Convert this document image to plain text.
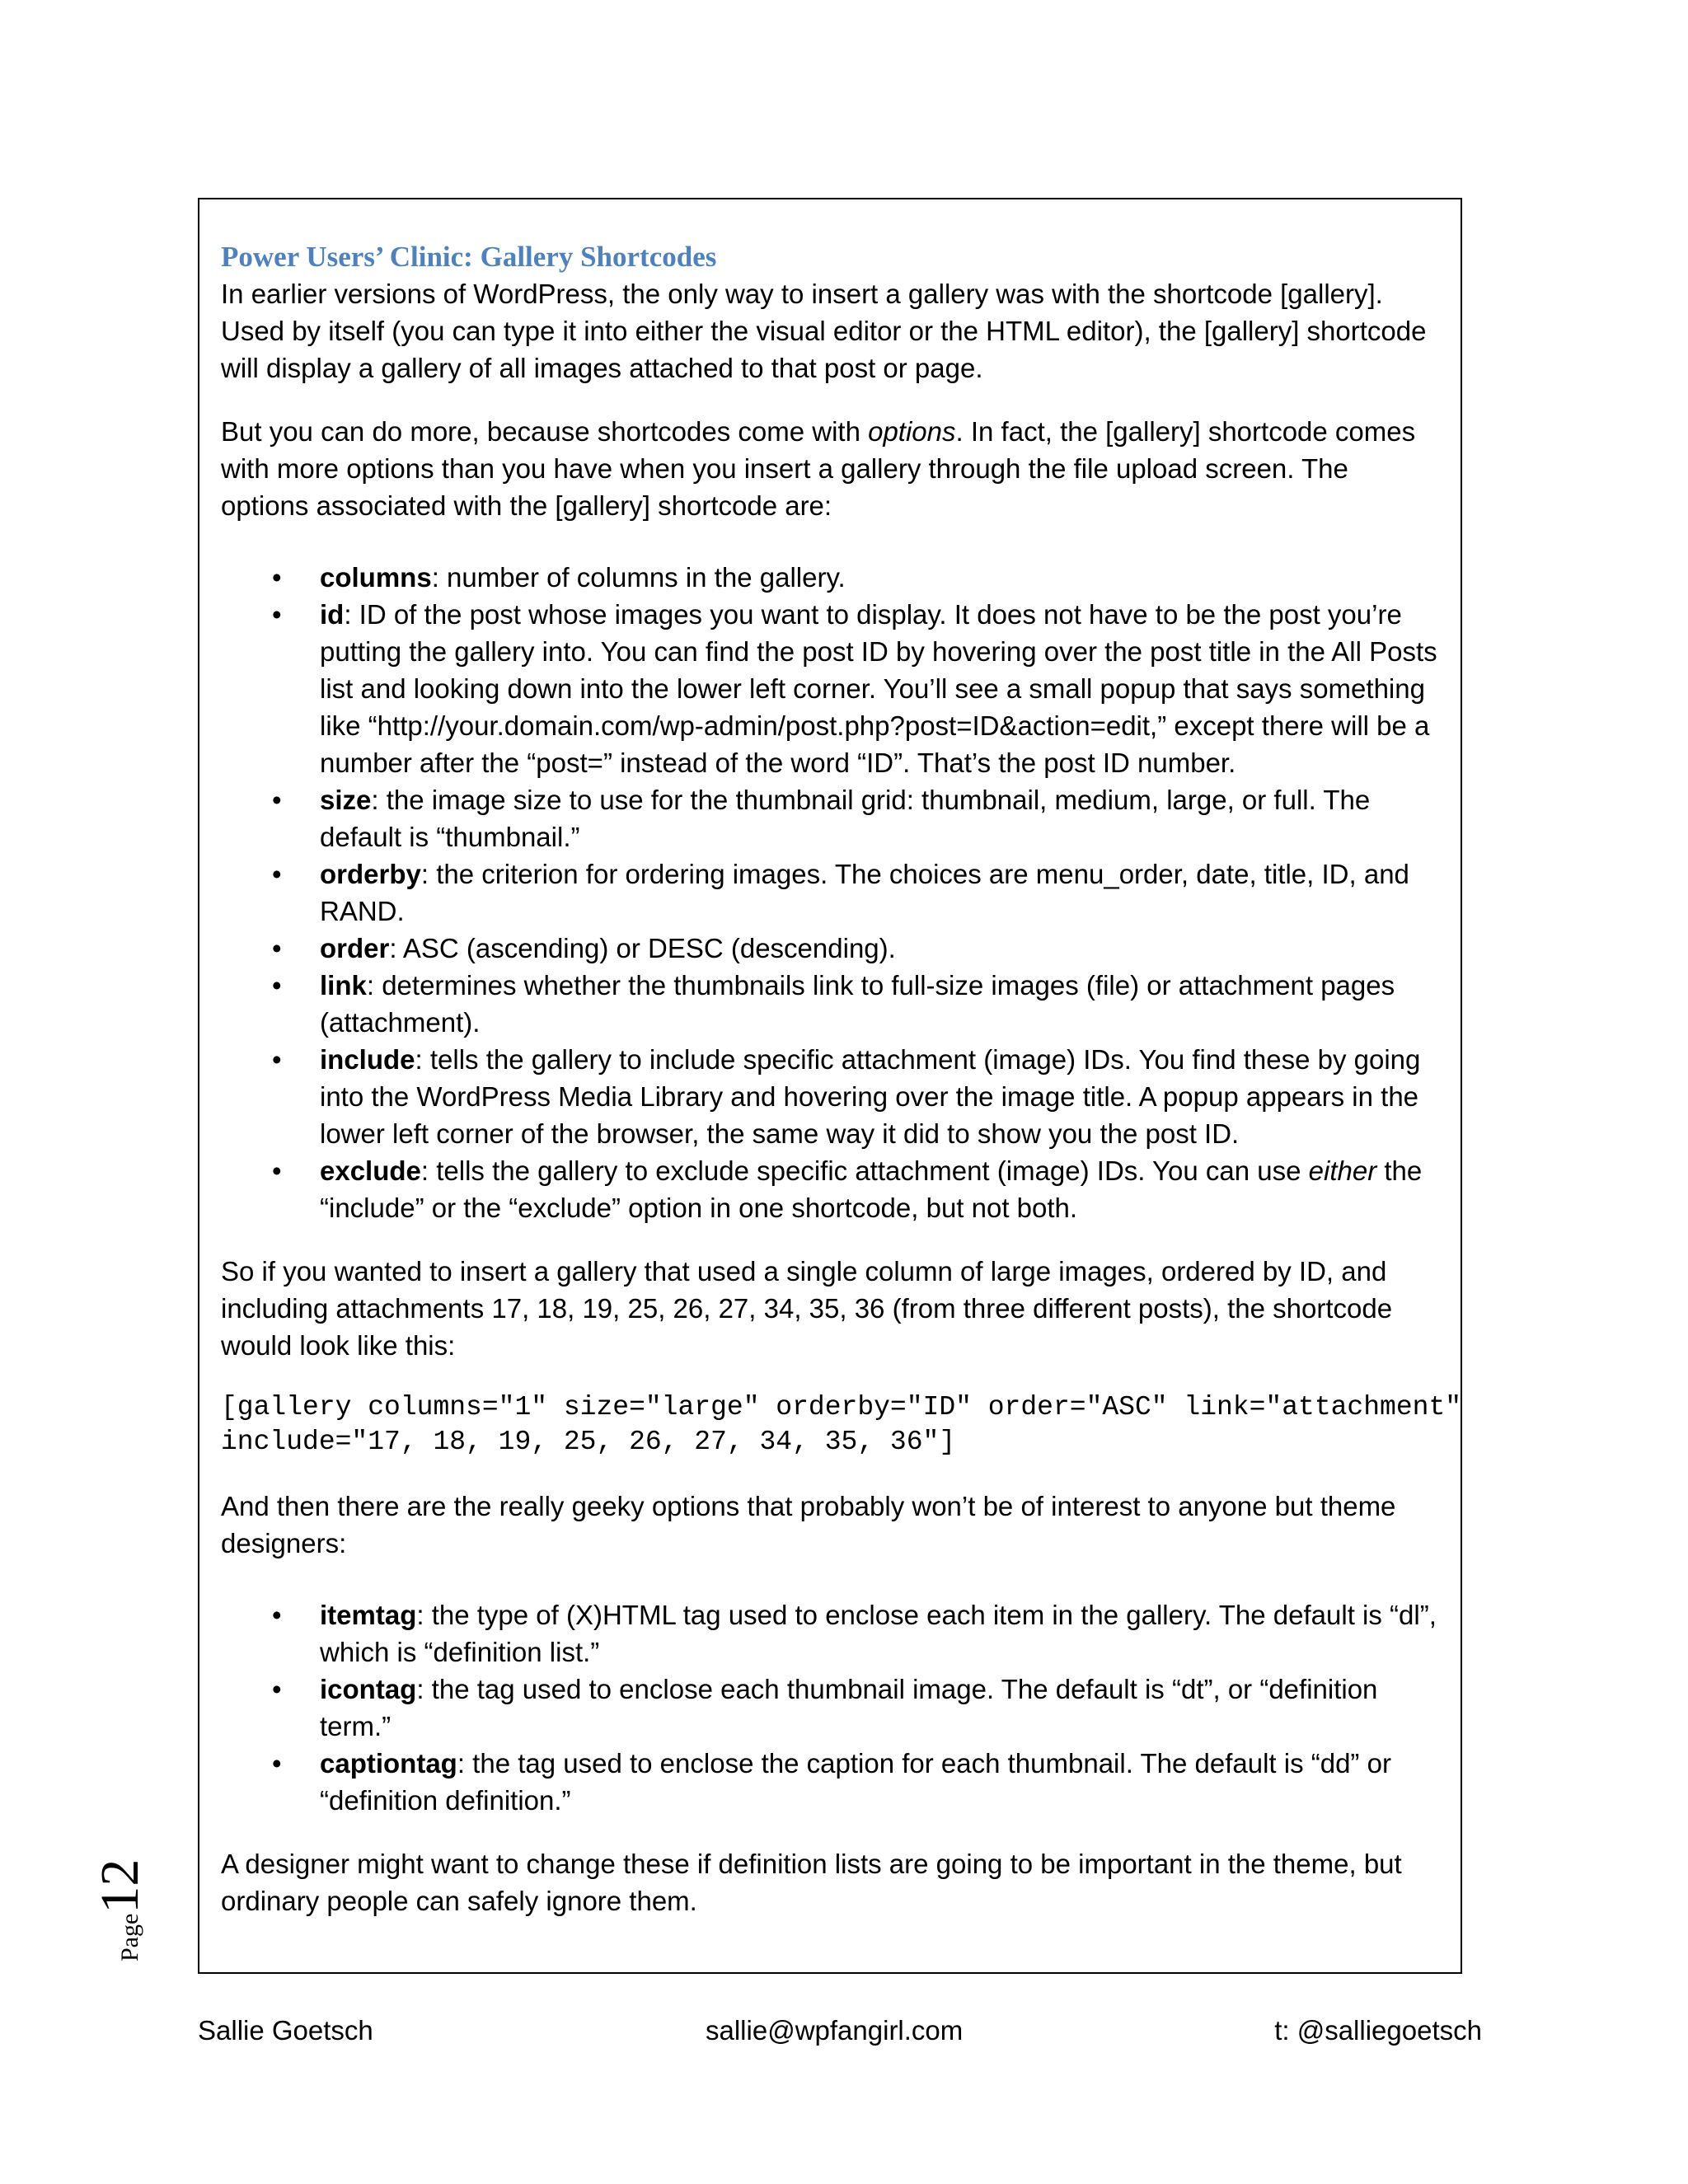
Power Users’ Clinic: Gallery Shortcodes

In earlier versions of WordPress, the only way to insert a gallery was with the shortcode [gallery]. Used by itself (you can type it into either the visual editor or the HTML editor), the [gallery] shortcode will display a gallery of all images attached to that post or page.

But you can do more, because shortcodes come with options. In fact, the [gallery] shortcode comes with more options than you have when you insert a gallery through the file upload screen. The options associated with the [gallery] shortcode are:

• columns: number of columns in the gallery.
• id: ID of the post whose images you want to display. It does not have to be the post you’re putting the gallery into. You can find the post ID by hovering over the post title in the All Posts list and looking down into the lower left corner. You’ll see a small popup that says something like “http://your.domain.com/wp-admin/post.php?post=ID&action=edit,” except there will be a number after the “post=” instead of the word “ID”. That’s the post ID number.
• size: the image size to use for the thumbnail grid: thumbnail, medium, large, or full. The default is “thumbnail.”
• orderby: the criterion for ordering images. The choices are menu_order, date, title, ID, and RAND.
• order: ASC (ascending) or DESC (descending).
• link: determines whether the thumbnails link to full-size images (file) or attachment pages (attachment).
• include: tells the gallery to include specific attachment (image) IDs. You find these by going into the WordPress Media Library and hovering over the image title. A popup appears in the lower left corner of the browser, the same way it did to show you the post ID.
• exclude: tells the gallery to exclude specific attachment (image) IDs. You can use either the “include” or the “exclude” option in one shortcode, but not both.

So if you wanted to insert a gallery that used a single column of large images, ordered by ID, and including attachments 17, 18, 19, 25, 26, 27, 34, 35, 36 (from three different posts), the shortcode would look like this:

[gallery columns="1" size="large" orderby="ID" order="ASC" link="attachment"
include="17, 18, 19, 25, 26, 27, 34, 35, 36"]

And then there are the really geeky options that probably won’t be of interest to anyone but theme designers:

• itemtag: the type of (X)HTML tag used to enclose each item in the gallery. The default is “dl”, which is “definition list.”
• icontag: the tag used to enclose each thumbnail image. The default is “dt”, or “definition term.”
• captiontag: the tag used to enclose the caption for each thumbnail. The default is “dd” or “definition definition.”

A designer might want to change these if definition lists are going to be important in the theme, but ordinary people can safely ignore them.

Page12
Sallie Goetsch	sallie@wpfangirl.com	t: @salliegoetsch
